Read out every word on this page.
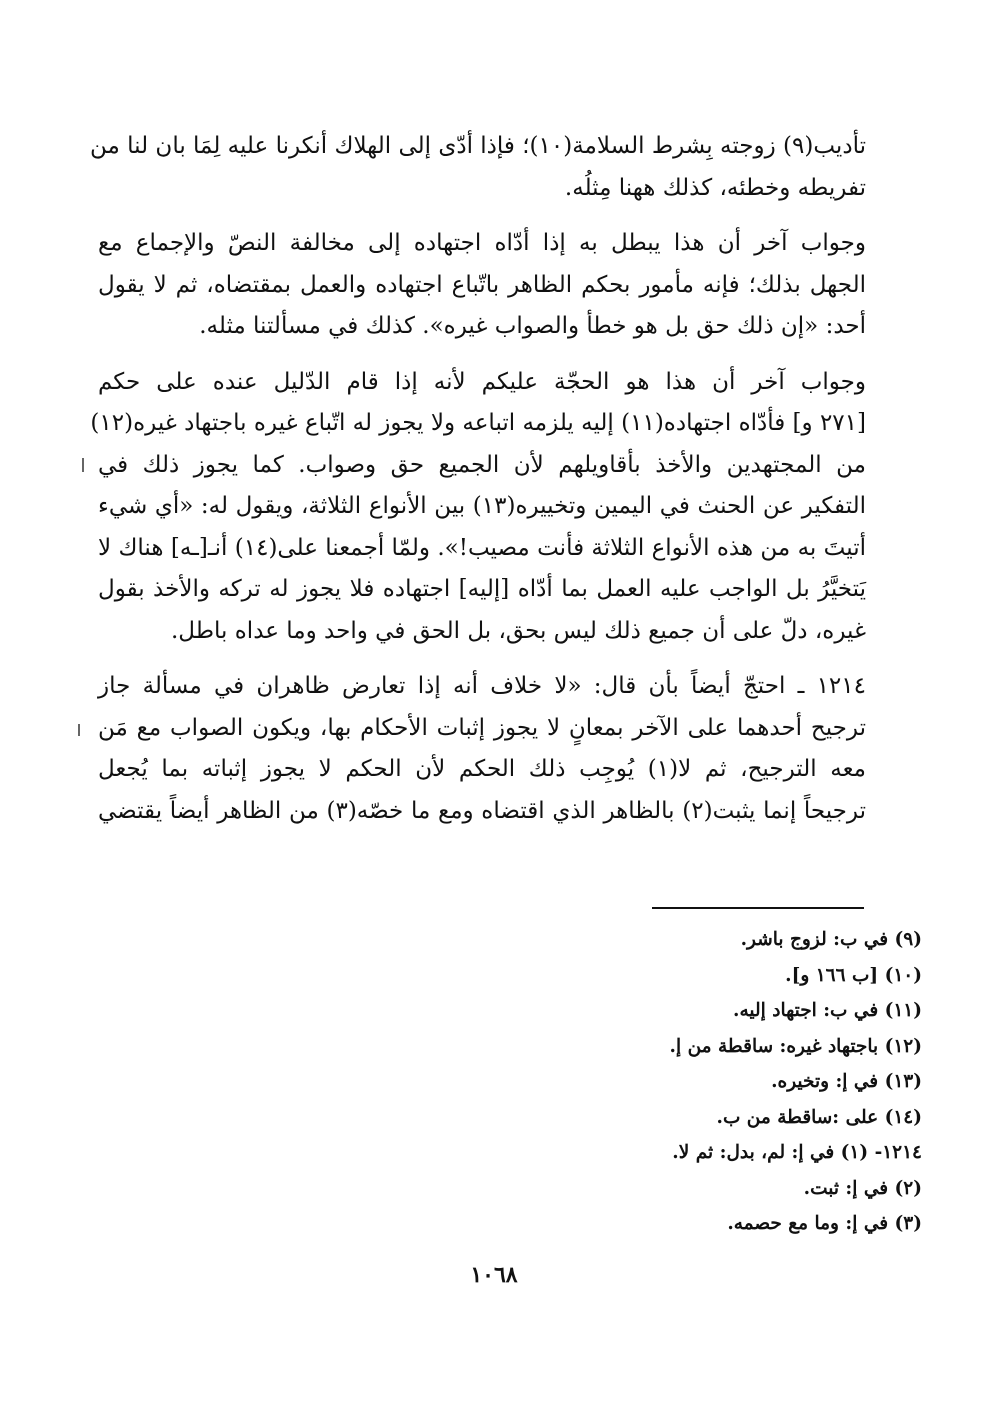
تأديب(٩) زوجته بِشرط السلامة(١٠)؛ فإذا أدّى إلى الهلاك أنكرنا عليه لِمَا بان لنا من
تفريطه وخطئه، كذلك ههنا مِثلُه.
وجواب آخر أن هذا يبطل به إذا أدّاه اجتهاده إلى مخالفة النصّ والإجماع مع
الجهل بذلك؛ فإنه مأمور بحكم الظاهر باتّباع اجتهاده والعمل بمقتضاه، ثم لا يقول
أحد: «إن ذلك حق بل هو خطأ والصواب غيره». كذلك في مسألتنا مثله.
وجواب آخر أن هذا هو الحجّة عليكم لأنه إذا قام الدّليل عنده على حكم
[٢٧١ و] فأدّاه اجتهاده(١١) إليه يلزمه اتباعه ولا يجوز له اتّباع غيره باجتهاد غيره(١٢)
من المجتهدين والأخذ بأقاويلهم لأن الجميع حق وصواب. كما يجوز ذلك في
التفكير عن الحنث في اليمين وتخييره(١٣) بين الأنواع الثلاثة، ويقول له: «أي شيء
أتيتَ به من هذه الأنواع الثلاثة فأنت مصيب!». ولمّا أجمعنا على(١٤) أنـ[ـه] هناك لا
يَتخيَّرُ بل الواجب عليه العمل بما أدّاه [إليه] اجتهاده فلا يجوز له تركه والأخذ بقول
غيره، دلّ على أن جميع ذلك ليس بحق، بل الحق في واحد وما عداه باطل.
١٢١٤ ـ احتجّ أيضاً بأن قال: «لا خلاف أنه إذا تعارض ظاهران في مسألة جاز
ترجيح أحدهما على الآخر بمعانٍ لا يجوز إثبات الأحكام بها، ويكون الصواب مع مَن
معه الترجيح، ثم لا(١) يُوجِب ذلك الحكم لأن الحكم لا يجوز إثباته بما يُجعل
ترجيحاً إنما يثبت(٢) بالظاهر الذي اقتضاه ومع ما خصّه(٣) من الظاهر أيضاً يقتضي
(٩) في ب: لزوج باشر.
(١٠) [ب ١٦٦ و].
(١١) في ب: اجتهاد إليه.
(١٢) باجتهاد غيره: ساقطة من إ.
(١٣) في إ: وتخيره.
(١٤) على :ساقطة من ب.
١٢١٤- (١) في إ: لم، بدل: ثم لا.
(٢) في إ: ثبت.
(٣) في إ: وما مع حصمه.
١٠٦٨
